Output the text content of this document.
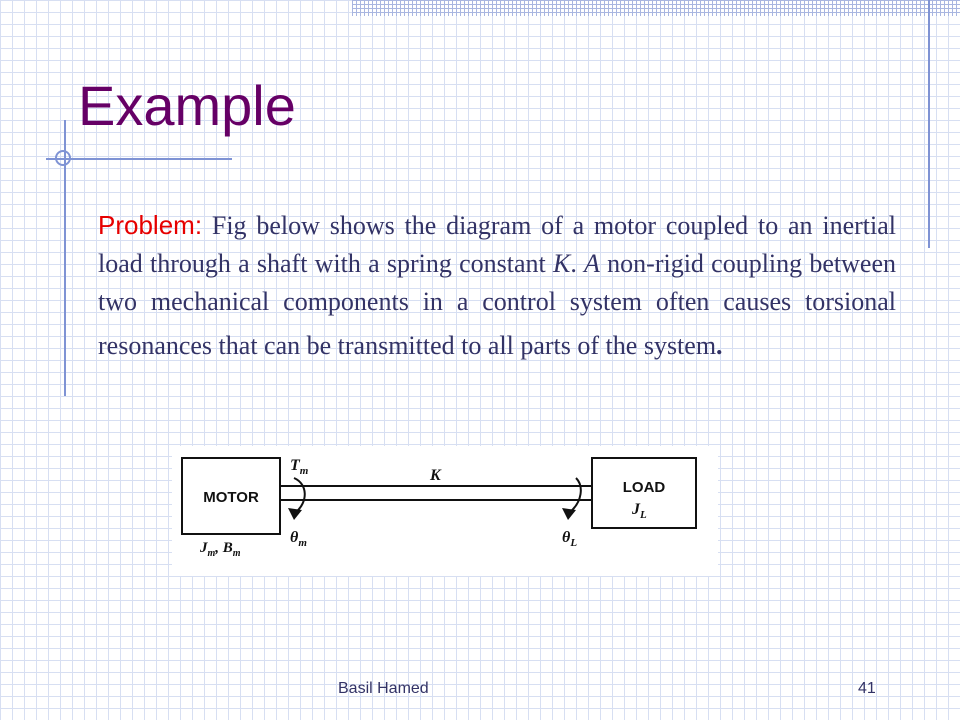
Example

Problem: Fig below shows the diagram of a motor coupled to an inertial load through a shaft with a spring constant K. A non-rigid coupling between two mechanical components in a control system often causes torsional resonances that can be transmitted to all parts of the system.

MOTOR
LOAD
$T_m$	K
$\theta_m$
$J_L$
$\theta_L$
$J_m$, $B_m$
Basil Hamed	41
